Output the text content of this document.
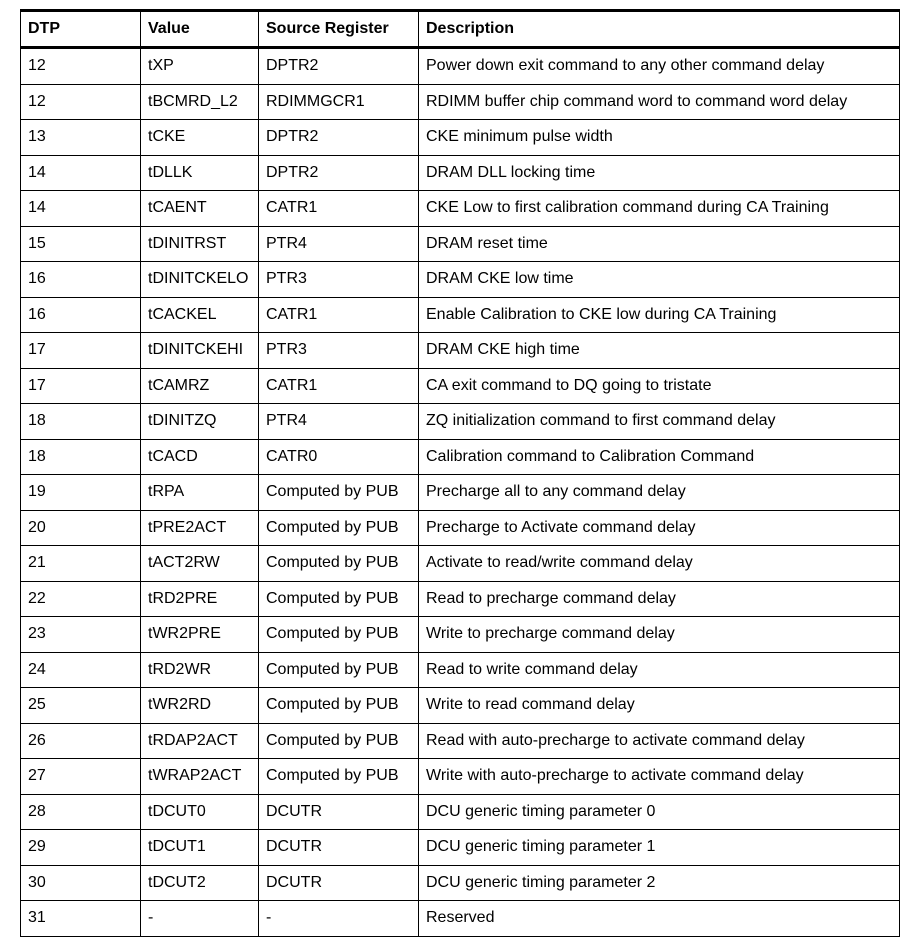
DTP	Value	Source Register	Description
12	tXP	DPTR2	Power down exit command to any other command delay
12	tBCMRD_L2	RDIMMGCR1	RDIMM buffer chip command word to command word delay
13	tCKE	DPTR2	CKE minimum pulse width
14	tDLLK	DPTR2	DRAM DLL locking time
14	tCAENT	CATR1	CKE Low to first calibration command during CA Training
15	tDINITRST	PTR4	DRAM reset time
16	tDINITCKELO	PTR3	DRAM CKE low time
16	tCACKEL	CATR1	Enable Calibration to CKE low during CA Training
17	tDINITCKEHI	PTR3	DRAM CKE high time
17	tCAMRZ	CATR1	CA exit command to DQ going to tristate
18	tDINITZQ	PTR4	ZQ initialization command to first command delay
18	tCACD	CATR0	Calibration command to Calibration Command
19	tRPA	Computed by PUB	Precharge all to any command delay
20	tPRE2ACT	Computed by PUB	Precharge to Activate command delay
21	tACT2RW	Computed by PUB	Activate to read/write command delay
22	tRD2PRE	Computed by PUB	Read to precharge command delay
23	tWR2PRE	Computed by PUB	Write to precharge command delay
24	tRD2WR	Computed by PUB	Read to write command delay
25	tWR2RD	Computed by PUB	Write to read command delay
26	tRDAP2ACT	Computed by PUB	Read with auto-precharge to activate command delay
27	tWRAP2ACT	Computed by PUB	Write with auto-precharge to activate command delay
28	tDCUT0	DCUTR	DCU generic timing parameter 0
29	tDCUT1	DCUTR	DCU generic timing parameter 1
30	tDCUT2	DCUTR	DCU generic timing parameter 2
31	-	-	Reserved
